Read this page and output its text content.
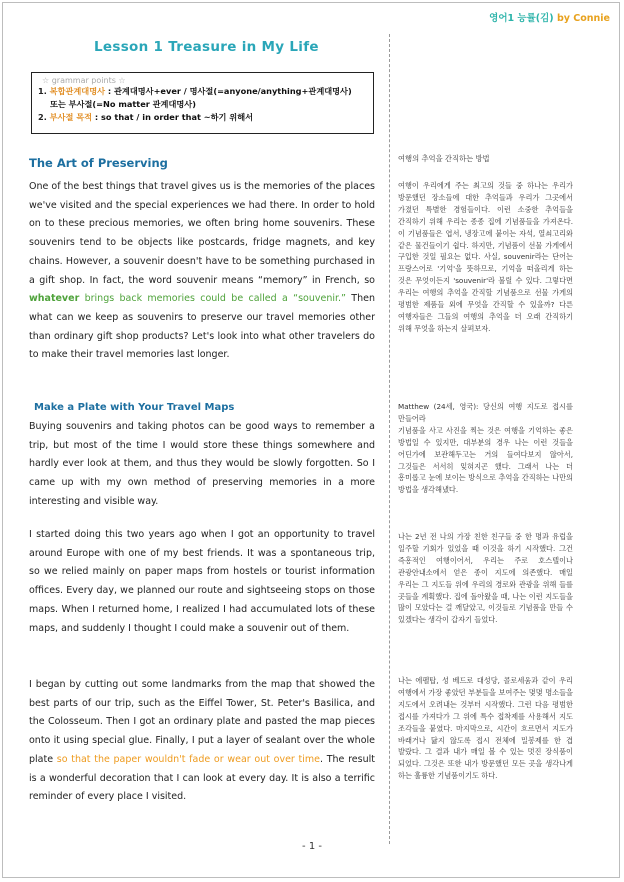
영어1 능률(김) by Connie
Lesson 1 Treasure in My Life
☆ grammar points ☆
1. 복합관계대명사 : 관계대명사+ever / 명사절(=anyone/anything+관계대명사)
또는 부사절(=No matter 관계대명사)
2. 부사절 목적 : so that / in order that ~하기 위해서
The Art of Preserving
One of the best things that travel gives us is the memories of the places we've visited and the special experiences we had there. In order to hold on to these precious memories, we often bring home souvenirs. These souvenirs tend to be objects like postcards, fridge magnets, and key chains. However, a souvenir doesn't have to be something purchased in a gift shop. In fact, the word souvenir means “memory” in French, so whatever brings back memories could be called a “souvenir.” Then what can we keep as souvenirs to preserve our travel memories other than ordinary gift shop products? Let's look into what other travelers do to make their travel memories last longer.
Make a Plate with Your Travel Maps
Buying souvenirs and taking photos can be good ways to remember a trip, but most of the time I would store these things somewhere and hardly ever look at them, and thus they would be slowly forgotten. So I came up with my own method of preserving memories in a more interesting and visible way.
I started doing this two years ago when I got an opportunity to travel around Europe with one of my best friends. It was a spontaneous trip, so we relied mainly on paper maps from hostels or tourist information offices. Every day, we planned our route and sightseeing stops on those maps. When I returned home, I realized I had accumulated lots of these maps, and suddenly I thought I could make a souvenir out of them.
I began by cutting out some landmarks from the map that showed the best parts of our trip, such as the Eiffel Tower, St. Peter's Basilica, and the Colosseum. Then I got an ordinary plate and pasted the map pieces onto it using special glue. Finally, I put a layer of sealant over the whole plate so that the paper wouldn't fade or wear out over time. The result is a wonderful decoration that I can look at every day. It is also a terrific reminder of every place I visited.
여행의 추억을 간직하는 방법
여행이 우리에게 주는 최고의 것들 중 하나는 우리가 방문했던 장소들에 대한 추억들과 우리가 그곳에서 가졌던 특별한 경험들이다. 이런 소중한 추억들을 간직하기 위해 우리는 종종 집에 기념품들을 가져온다. 이 기념품들은 엽서, 냉장고에 붙이는 자석, 열쇠고리와 같은 물건들이기 쉽다. 하지만, 기념품이 선물 가게에서 구입한 것일 필요는 없다. 사실, souvenir라는 단어는 프랑스어로 '기억'을 뜻하므로, 기억을 떠올리게 하는 것은 무엇이든지 'souvenir'라 불릴 수 있다. 그렇다면 우리는 여행의 추억을 간직할 기념품으로 선물 가게의 평범한 제품들 외에 무엇을 간직할 수 있을까? 다른 여행자들은 그들의 여행의 추억을 더 오래 간직하기 위해 무엇을 하는지 살펴보자.
Matthew (24세, 영국): 당신의 여행 지도로 접시를 만들어라
기념품을 사고 사진을 찍는 것은 여행을 기억하는 좋은 방법일 수 있지만, 대부분의 경우 나는 이런 것들을 어딘가에 보관해두고는 거의 들여다보지 않아서, 그것들은 서서히 잊혀지곤 했다. 그래서 나는 더 흥미롭고 눈에 보이는 방식으로 추억을 간직하는 나만의 방법을 생각해냈다.
나는 2년 전 나의 가장 친한 친구들 중 한 명과 유럽을 일주할 기회가 있었을 때 이것을 하기 시작했다. 그건 즉흥적인 여행이어서, 우리는 주로 호스텔이나 관광안내소에서 얻은 종이 지도에 의존했다. 매일 우리는 그 지도들 위에 우리의 경로와 관광을 위해 들를 곳들을 계획했다. 집에 돌아왔을 때, 나는 이런 지도들을 많이 모았다는 걸 깨달았고, 이것들로 기념품을 만들 수 있겠다는 생각이 갑자기 들었다.
나는 에펠탑, 성 베드로 대성당, 콜로세움과 같이 우리 여행에서 가장 좋았던 부분들을 보여주는 몇몇 명소들을 지도에서 오려내는 것부터 시작했다. 그런 다음 평범한 접시를 가져다가 그 위에 특수 접착제를 사용해서 지도 조각들을 붙였다. 마지막으로, 시간이 흐르면서 지도가 바래거나 닳지 않도록 접시 전체에 밀봉제를 한 겹 발랐다. 그 결과 내가 매일 볼 수 있는 멋진 장식품이 되었다. 그것은 또한 내가 방문했던 모든 곳을 생각나게 하는 훌륭한 기념품이기도 하다.
- 1 -
